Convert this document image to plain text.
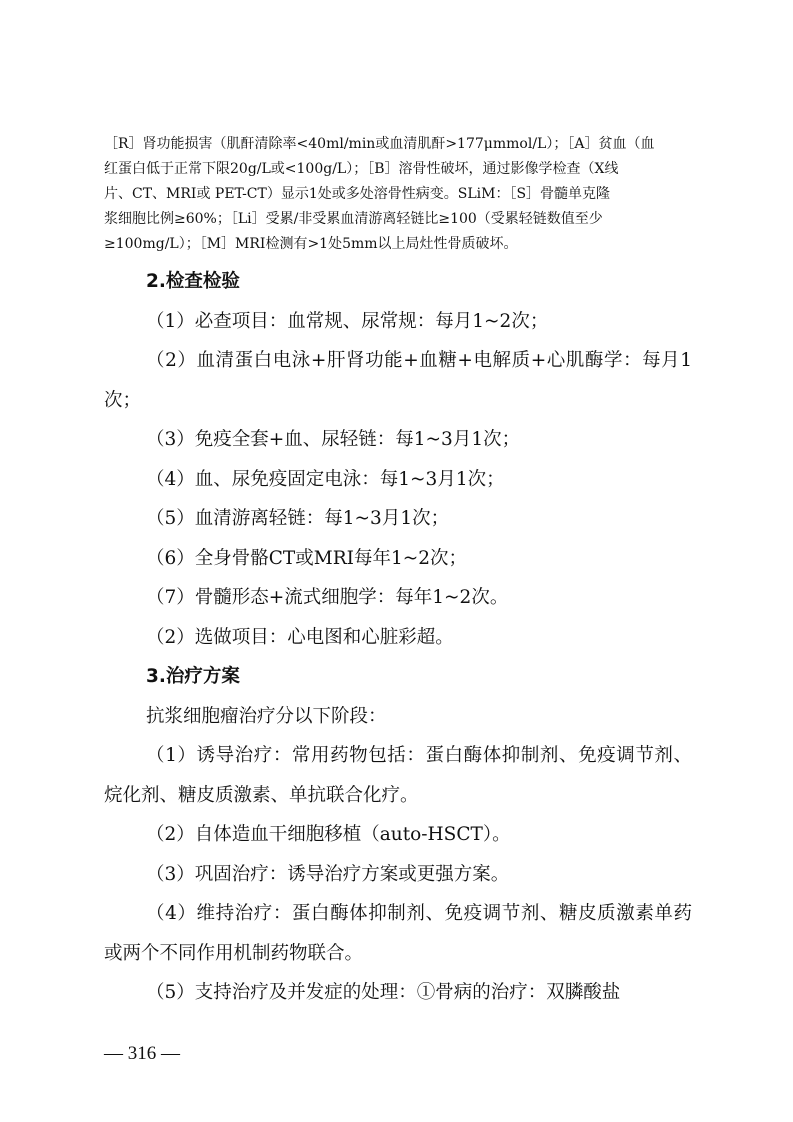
［R］肾功能损害（肌酐清除率<40ml/min或血清肌酐>177μmmol/L）；［A］贫血（血

红蛋白低于正常下限20g/L或<100g/L）；［B］溶骨性破坏，通过影像学检查（X线

片、CT、MRI或 PET-CT）显示1处或多处溶骨性病变。SLiM：［S］骨髓单克隆

浆细胞比例≥60%；［Li］受累/非受累血清游离轻链比≥100（受累轻链数值至少

≥100mg/L）；［M］MRI检测有>1处5mm以上局灶性骨质破坏。

2.检查检验

（1）必查项目：血常规、尿常规：每月1~2次；

（2）血清蛋白电泳+肝肾功能+血糖+电解质+心肌酶学：每月1次；

（3）免疫全套+血、尿轻链：每1~3月1次；

（4）血、尿免疫固定电泳：每1~3月1次；

（5）血清游离轻链：每1~3月1次；

（6）全身骨骼CT或MRI每年1~2次；

（7）骨髓形态+流式细胞学：每年1~2次。

（2）选做项目：心电图和心脏彩超。

3.治疗方案

抗浆细胞瘤治疗分以下阶段：

（1）诱导治疗：常用药物包括：蛋白酶体抑制剂、免疫调节剂、烷化剂、糖皮质激素、单抗联合化疗。

（2）自体造血干细胞移植（auto-HSCT）。

（3）巩固治疗：诱导治疗方案或更强方案。

（4）维持治疗：蛋白酶体抑制剂、免疫调节剂、糖皮质激素单药或两个不同作用机制药物联合。

（5）支持治疗及并发症的处理：①骨病的治疗：双膦酸盐

— 316 —
